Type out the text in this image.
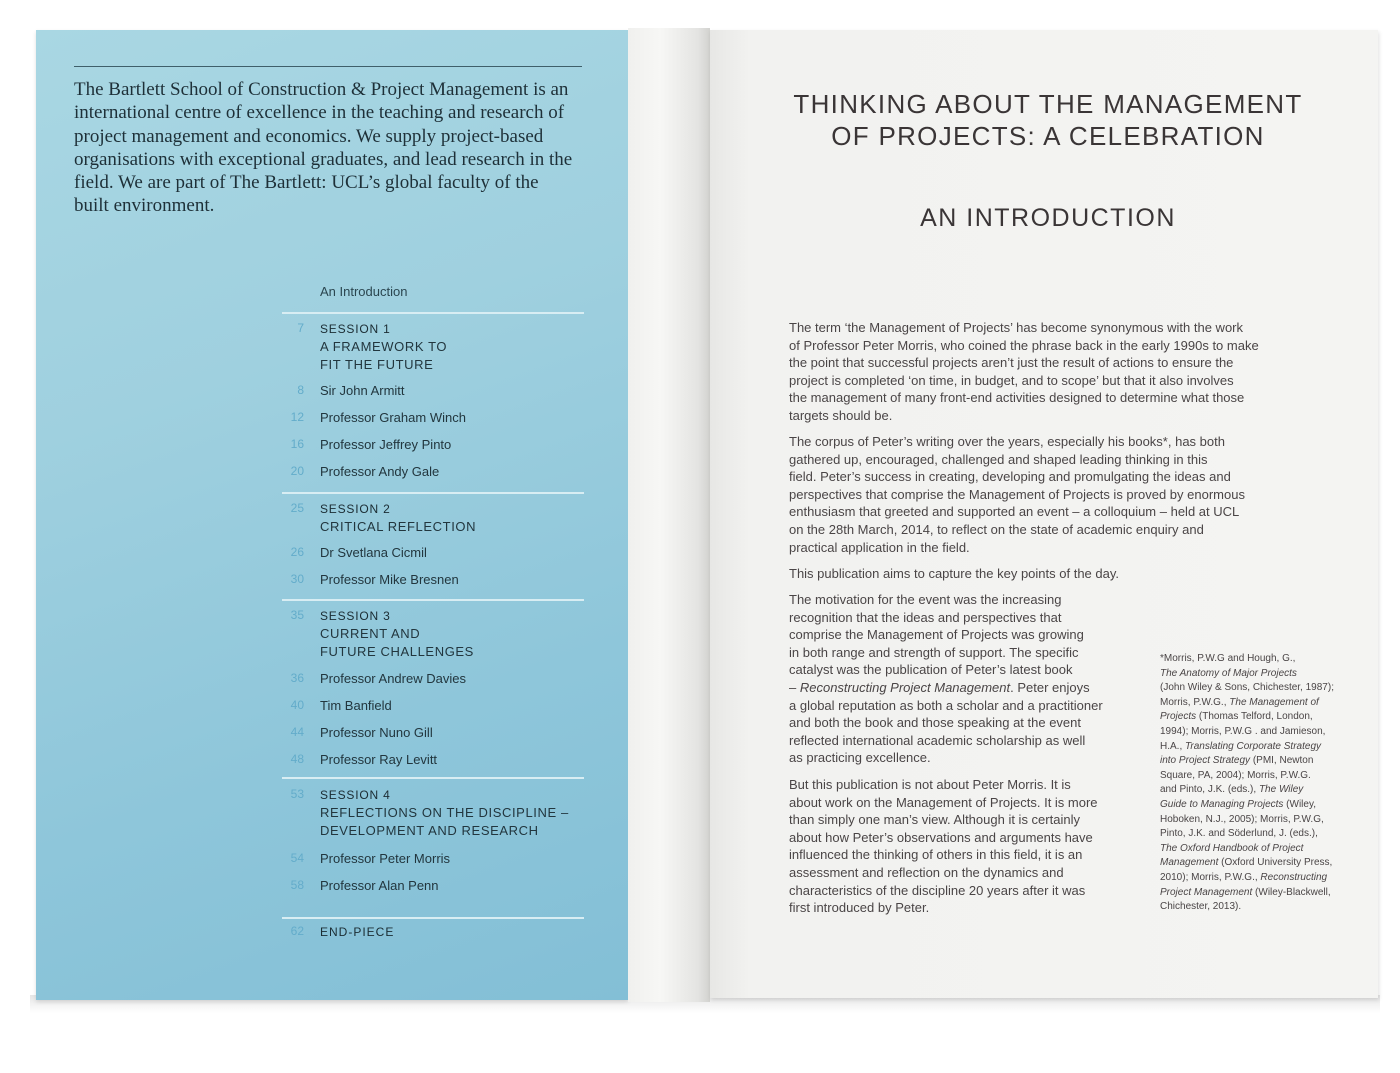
The Bartlett School of Construction & Project Management is an international centre of excellence in the teaching and research of project management and economics. We supply project-based organisations with exceptional graduates, and lead research in the field. We are part of The Bartlett: UCL’s global faculty of the built environment.

An Introduction
7 SESSION 1
A FRAMEWORK TO
FIT THE FUTURE
8 Sir John Armitt
12 Professor Graham Winch
16 Professor Jeffrey Pinto
20 Professor Andy Gale
25 SESSION 2
CRITICAL REFLECTION
26 Dr Svetlana Cicmil
30 Professor Mike Bresnen
35 SESSION 3
CURRENT AND
FUTURE CHALLENGES
36 Professor Andrew Davies
40 Tim Banfield
44 Professor Nuno Gill
48 Professor Ray Levitt
53 SESSION 4
REFLECTIONS ON THE DISCIPLINE –
DEVELOPMENT AND RESEARCH
54 Professor Peter Morris
58 Professor Alan Penn
62 END-PIECE
THINKING ABOUT THE MANAGEMENT
OF PROJECTS: A CELEBRATION
AN INTRODUCTION

The term ‘the Management of Projects’ has become synonymous with the work
of Professor Peter Morris, who coined the phrase back in the early 1990s to make
the point that successful projects aren’t just the result of actions to ensure the
project is completed ‘on time, in budget, and to scope’ but that it also involves
the management of many front-end activities designed to determine what those
targets should be.

The corpus of Peter’s writing over the years, especially his books*, has both
gathered up, encouraged, challenged and shaped leading thinking in this
field. Peter’s success in creating, developing and promulgating the ideas and
perspectives that comprise the Management of Projects is proved by enormous
enthusiasm that greeted and supported an event – a colloquium – held at UCL
on the 28th March, 2014, to reflect on the state of academic enquiry and
practical application in the field.

This publication aims to capture the key points of the day.

The motivation for the event was the increasing
recognition that the ideas and perspectives that
comprise the Management of Projects was growing
in both range and strength of support. The specific
catalyst was the publication of Peter’s latest book
– Reconstructing Project Management. Peter enjoys
a global reputation as both a scholar and a practitioner
and both the book and those speaking at the event
reflected international academic scholarship as well
as practicing excellence.

But this publication is not about Peter Morris. It is
about work on the Management of Projects. It is more
than simply one man’s view. Although it is certainly
about how Peter’s observations and arguments have
influenced the thinking of others in this field, it is an
assessment and reflection on the dynamics and
characteristics of the discipline 20 years after it was
first introduced by Peter.

*Morris, P.W.G and Hough, G.,
The Anatomy of Major Projects
(John Wiley & Sons, Chichester, 1987);
Morris, P.W.G., The Management of
Projects (Thomas Telford, London,
1994); Morris, P.W.G . and Jamieson,
H.A., Translating Corporate Strategy
into Project Strategy (PMI, Newton
Square, PA, 2004); Morris, P.W.G.
and Pinto, J.K. (eds.), The Wiley
Guide to Managing Projects (Wiley,
Hoboken, N.J., 2005); Morris, P.W.G,
Pinto, J.K. and Söderlund, J. (eds.),
The Oxford Handbook of Project
Management (Oxford University Press,
2010); Morris, P.W.G., Reconstructing
Project Management (Wiley-Blackwell,
Chichester, 2013).
